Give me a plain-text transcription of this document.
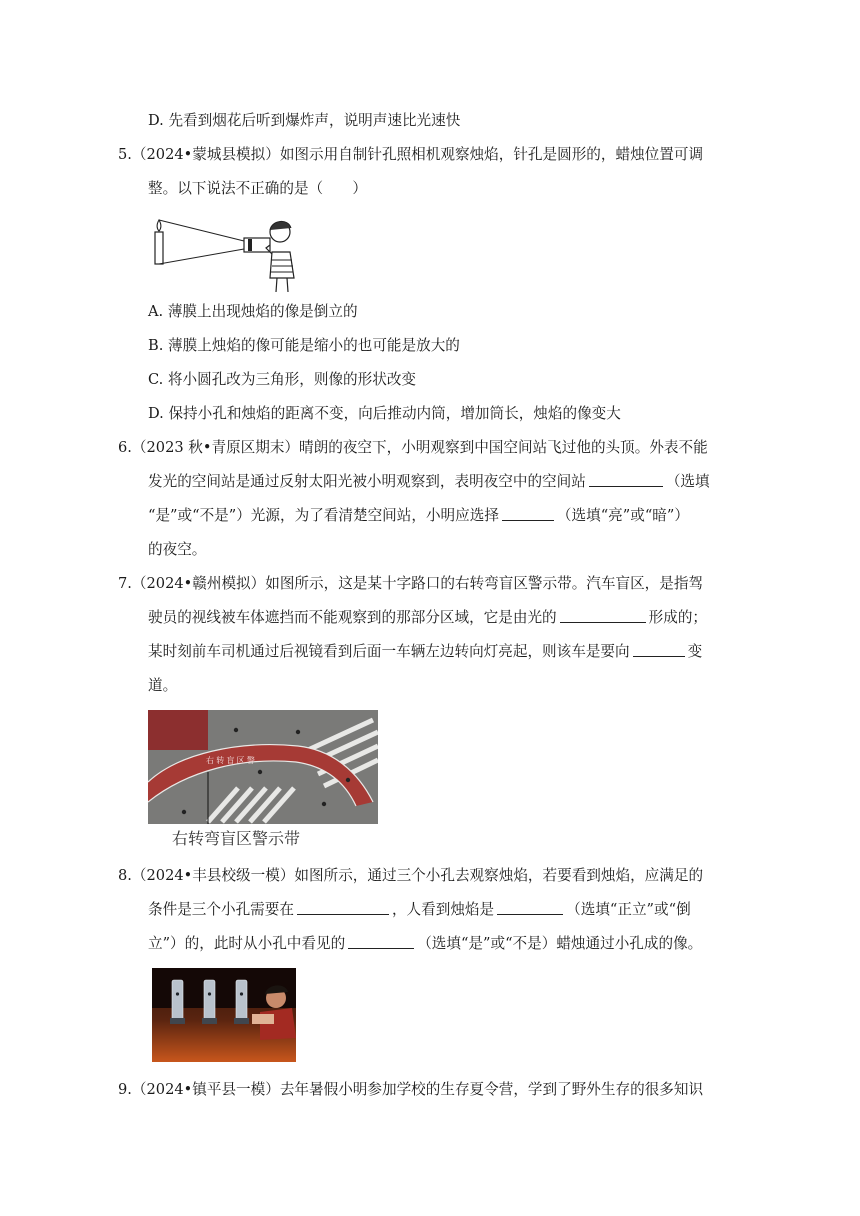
D. 先看到烟花后听到爆炸声，说明声速比光速快
5.（2024•蒙城县模拟）如图示用自制针孔照相机观察烛焰，针孔是圆形的，蜡烛位置可调
整。以下说法不正确的是（　　）
A. 薄膜上出现烛焰的像是倒立的
B. 薄膜上烛焰的像可能是缩小的也可能是放大的
C. 将小圆孔改为三角形，则像的形状改变
D. 保持小孔和烛焰的距离不变，向后推动内筒，增加筒长，烛焰的像变大
6.（2023 秋•青原区期末）晴朗的夜空下，小明观察到中国空间站飞过他的头顶。外表不能
发光的空间站是通过反射太阳光被小明观察到，表明夜空中的空间站	（选填
“是”或“不是”）光源，为了看清楚空间站，小明应选择	（选填“亮”或“暗”）
的夜空。
7.（2024•赣州模拟）如图所示，这是某十字路口的右转弯盲区警示带。汽车盲区，是指驾
驶员的视线被车体遮挡而不能观察到的那部分区域，它是由光的	形成的；
某时刻前车司机通过后视镜看到后面一车辆左边转向灯亮起，则该车是要向	变
道。
右 转 盲 区 警
右转弯盲区警示带
8.（2024•丰县校级一模）如图所示，通过三个小孔去观察烛焰，若要看到烛焰，应满足的
条件是三个小孔需要在	，人看到烛焰是	（选填“正立”或“倒
立”）的，此时从小孔中看见的	（选填“是”或“不是）蜡烛通过小孔成的像。
9.（2024•镇平县一模）去年暑假小明参加学校的生存夏令营，学到了野外生存的很多知识
